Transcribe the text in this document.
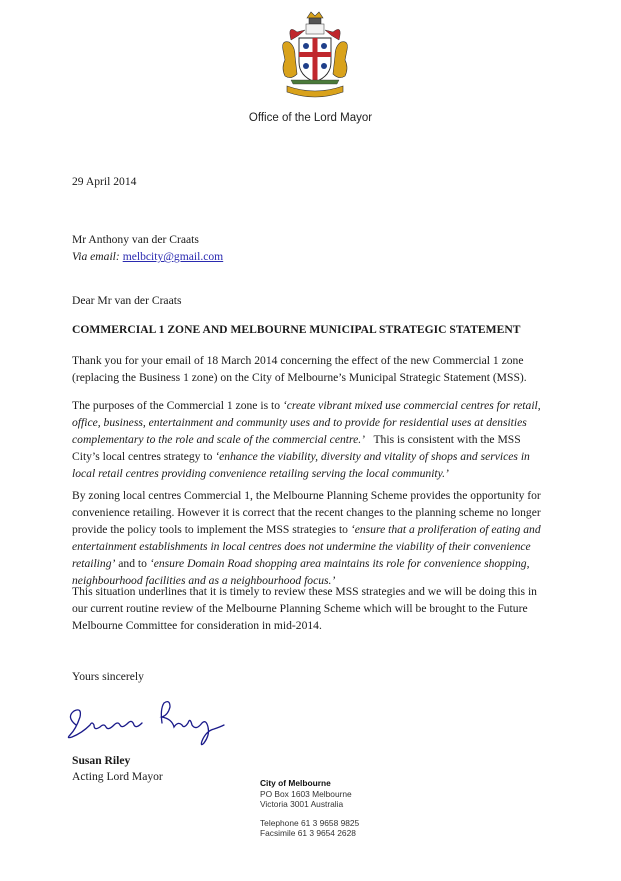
Office of the Lord Mayor
29 April 2014
Mr Anthony van der Craats
Via email: melbcity@gmail.com
Dear Mr van der Craats
COMMERCIAL 1 ZONE AND MELBOURNE MUNICIPAL STRATEGIC STATEMENT
Thank you for your email of 18 March 2014 concerning the effect of the new Commercial 1 zone
(replacing the Business 1 zone) on the City of Melbourne’s Municipal Strategic Statement (MSS).
The purposes of the Commercial 1 zone is to ‘create vibrant mixed use commercial centres for retail,
office, business, entertainment and community uses and to provide for residential uses at densities
complementary to the role and scale of the commercial centre.’   This is consistent with the MSS
City’s local centres strategy to ‘enhance the viability, diversity and vitality of shops and services in
local retail centres providing convenience retailing serving the local community.’
By zoning local centres Commercial 1, the Melbourne Planning Scheme provides the opportunity for
convenience retailing. However it is correct that the recent changes to the planning scheme no longer
provide the policy tools to implement the MSS strategies to ‘ensure that a proliferation of eating and
entertainment establishments in local centres does not undermine the viability of their convenience
retailing’ and to ‘ensure Domain Road shopping area maintains its role for convenience shopping,
neighbourhood facilities and as a neighbourhood focus.’
This situation underlines that it is timely to review these MSS strategies and we will be doing this in
our current routine review of the Melbourne Planning Scheme which will be brought to the Future
Melbourne Committee for consideration in mid-2014.
Yours sincerely
Susan Riley
Acting Lord Mayor	City of Melbourne
PO Box 1603 Melbourne
Victoria 3001 Australia
Telephone 61 3 9658 9825
Facsimile 61 3 9654 2628
